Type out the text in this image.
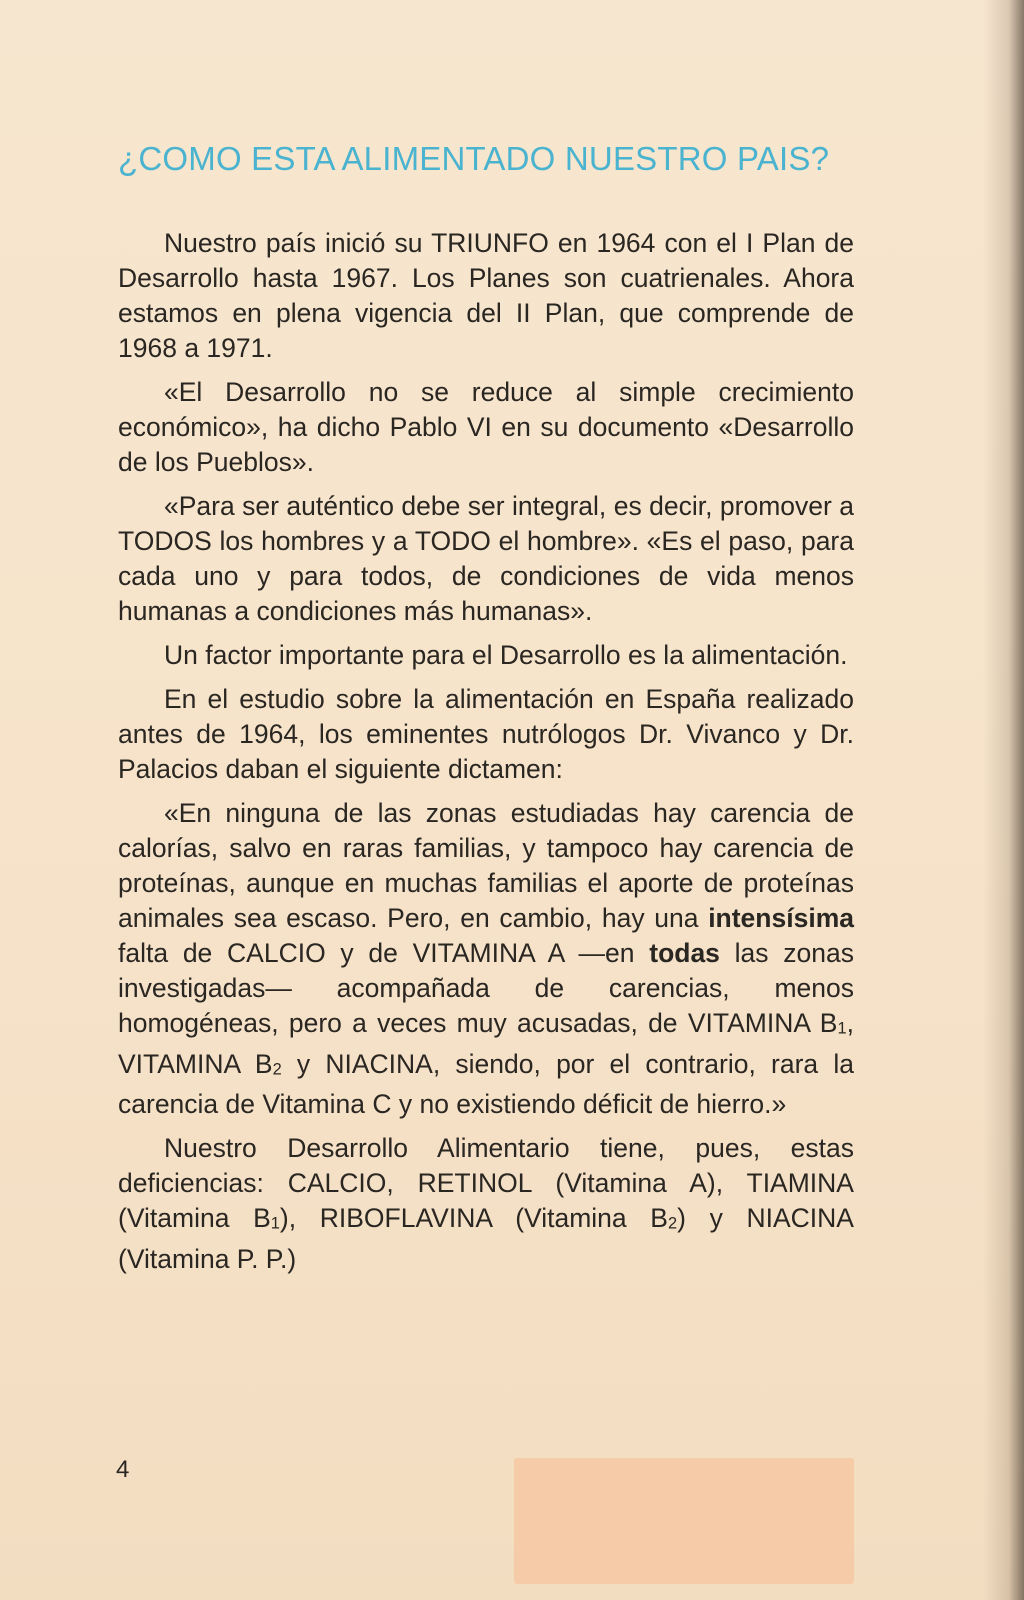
¿COMO ESTA ALIMENTADO NUESTRO PAIS?

Nuestro país inició su TRIUNFO en 1964 con el I Plan de Desarrollo hasta 1967. Los Planes son cuatrienales. Ahora estamos en plena vigencia del II Plan, que comprende de 1968 a 1971.

«El Desarrollo no se reduce al simple crecimiento económico», ha dicho Pablo VI en su documento «Desarrollo de los Pueblos».

«Para ser auténtico debe ser integral, es decir, promover a TODOS los hombres y a TODO el hombre». «Es el paso, para cada uno y para todos, de condiciones de vida menos humanas a condiciones más humanas».

Un factor importante para el Desarrollo es la alimentación.

En el estudio sobre la alimentación en España realizado antes de 1964, los eminentes nutrólogos Dr. Vivanco y Dr. Palacios daban el siguiente dictamen:

«En ninguna de las zonas estudiadas hay carencia de calorías, salvo en raras familias, y tampoco hay carencia de proteínas, aunque en muchas familias el aporte de proteínas animales sea escaso. Pero, en cambio, hay una intensísima falta de CALCIO y de VITAMINA A —en todas las zonas investigadas— acompañada de carencias, menos homogéneas, pero a veces muy acusadas, de VITAMINA B1, VITAMINA B2 y NIACINA, siendo, por el contrario, rara la carencia de Vitamina C y no existiendo déficit de hierro.»

Nuestro Desarrollo Alimentario tiene, pues, estas deficiencias: CALCIO, RETINOL (Vitamina A), TIAMINA (Vitamina B1), RIBOFLAVINA (Vitamina B2) y NIACINA (Vitamina P. P.)

4
